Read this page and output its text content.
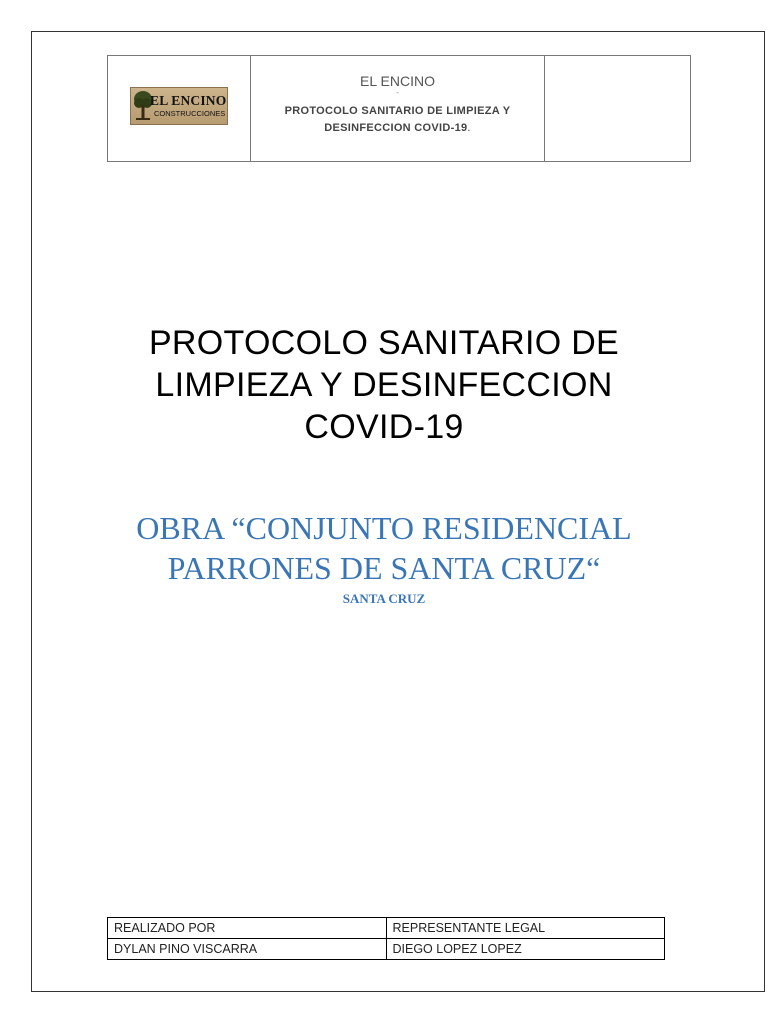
EL ENCINO
CONSTRUCCIONES

EL ENCINO
-
PROTOCOLO SANITARIO DE LIMPIEZA Y
DESINFECCION COVID-19.

PROTOCOLO SANITARIO DE
LIMPIEZA Y DESINFECCION
COVID-19
OBRA “CONJUNTO RESIDENCIAL
PARRONES DE SANTA CRUZ“
SANTA CRUZ
REALIZADO POR	REPRESENTANTE LEGAL
DYLAN PINO VISCARRA	DIEGO LOPEZ LOPEZ
